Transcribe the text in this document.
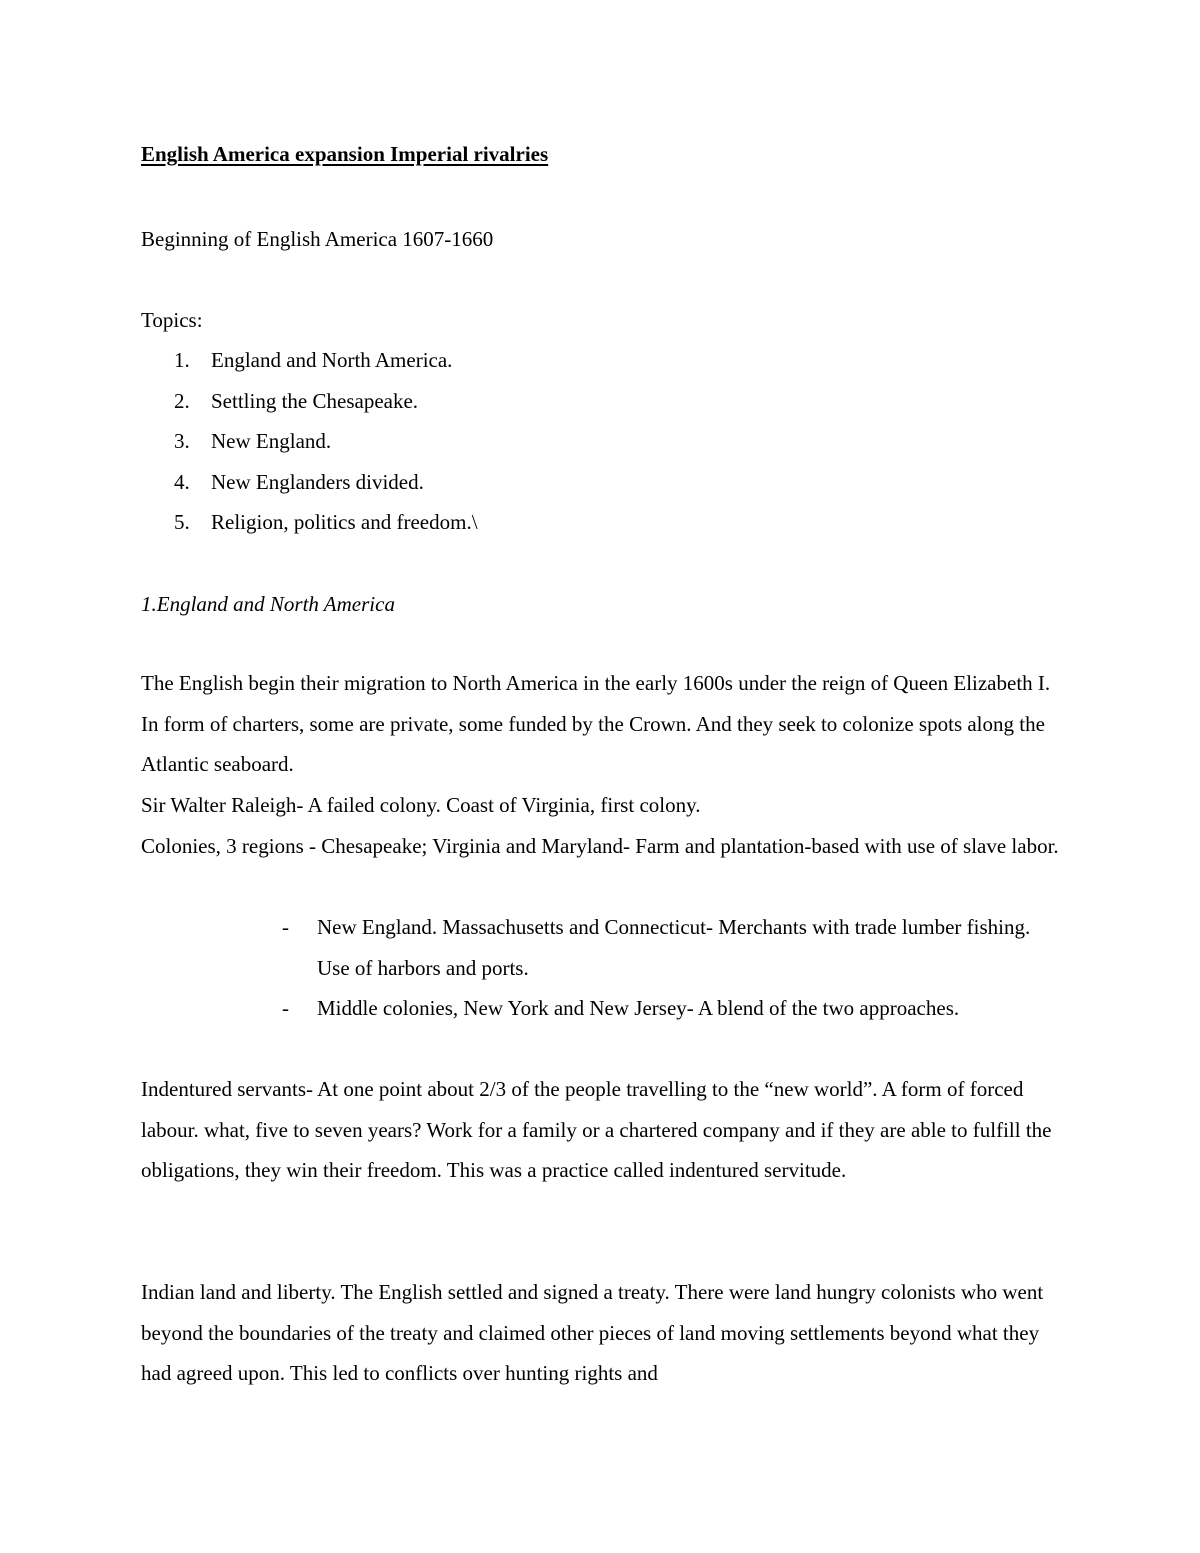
English America expansion Imperial rivalries
Beginning of English America 1607-1660
Topics:
1. England and North America.
2. Settling the Chesapeake.
3. New England.
4. New Englanders divided.
5. Religion, politics and freedom.\
1.England and North America

The English begin their migration to North America in the early 1600s under the reign of Queen Elizabeth I. In form of charters, some are private, some funded by the Crown. And they seek to colonize spots along the Atlantic seaboard.

Sir Walter Raleigh- A failed colony. Coast of Virginia, first colony.

Colonies, 3 regions - Chesapeake; Virginia and Maryland- Farm and plantation-based with use of slave labor.

- New England. Massachusetts and Connecticut- Merchants with trade lumber fishing. Use of harbors and ports.
- Middle colonies, New York and New Jersey- A blend of the two approaches.

Indentured servants- At one point about 2/3 of the people travelling to the “new world”. A form of forced labour. what, five to seven years? Work for a family or a chartered company and if they are able to fulfill the obligations, they win their freedom. This was a practice called indentured servitude.

Indian land and liberty. The English settled and signed a treaty. There were land hungry colonists who went beyond the boundaries of the treaty and claimed other pieces of land moving settlements beyond what they had agreed upon. This led to conflicts over hunting rights and
